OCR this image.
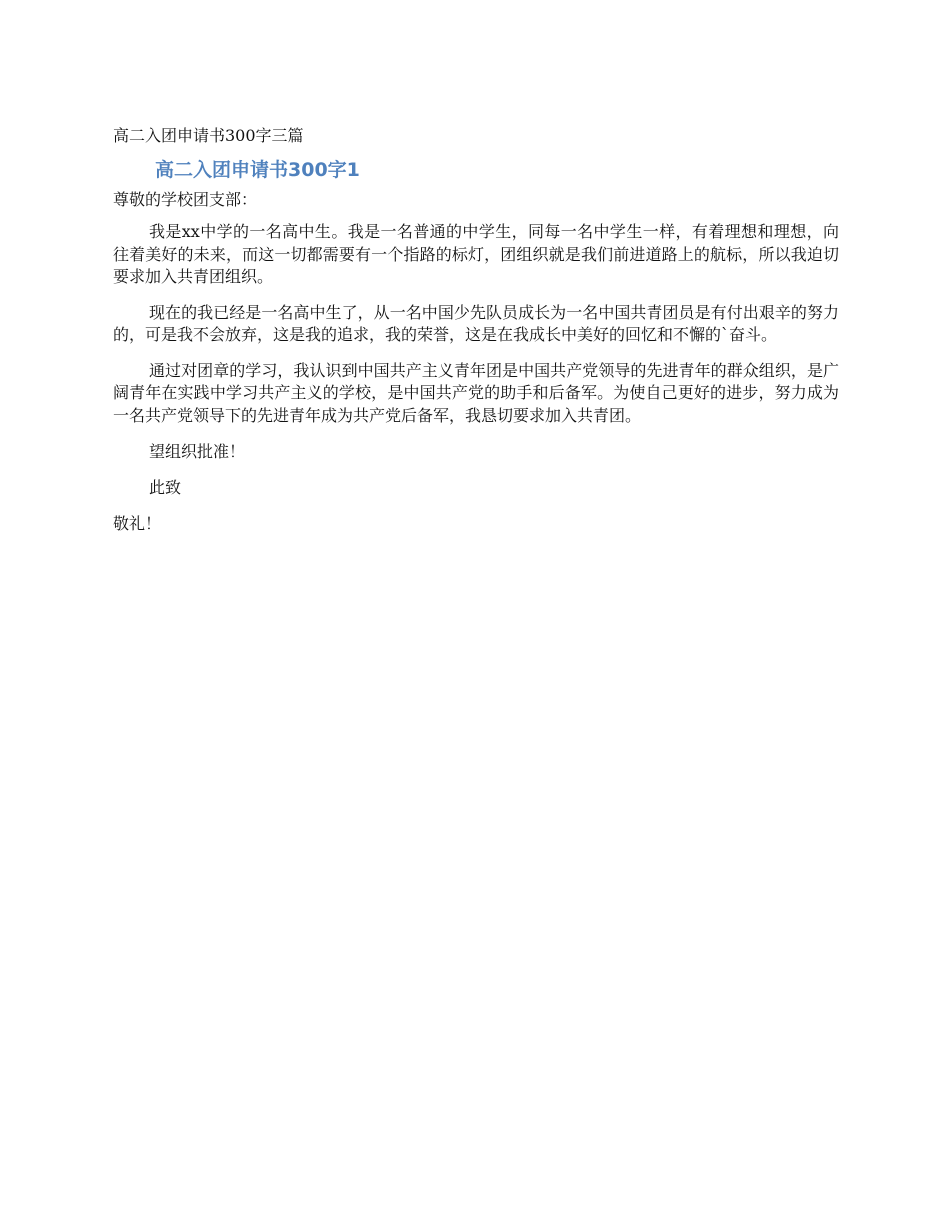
高二入团申请书300字三篇
高二入团申请书300字1
尊敬的学校团支部：
我是xx中学的一名高中生。我是一名普通的中学生，同每一名中学生一样，有着理想和理想，向往着美好的未来，而这一切都需要有一个指路的标灯，团组织就是我们前进道路上的航标，所以我迫切要求加入共青团组织。
现在的我已经是一名高中生了，从一名中国少先队员成长为一名中国共青团员是有付出艰辛的努力的，可是我不会放弃，这是我的追求，我的荣誉，这是在我成长中美好的回忆和不懈的`奋斗。
通过对团章的学习，我认识到中国共产主义青年团是中国共产党领导的先进青年的群众组织，是广阔青年在实践中学习共产主义的学校，是中国共产党的助手和后备军。为使自己更好的进步，努力成为一名共产党领导下的先进青年成为共产党后备军，我恳切要求加入共青团。
望组织批准！
此致
敬礼！
